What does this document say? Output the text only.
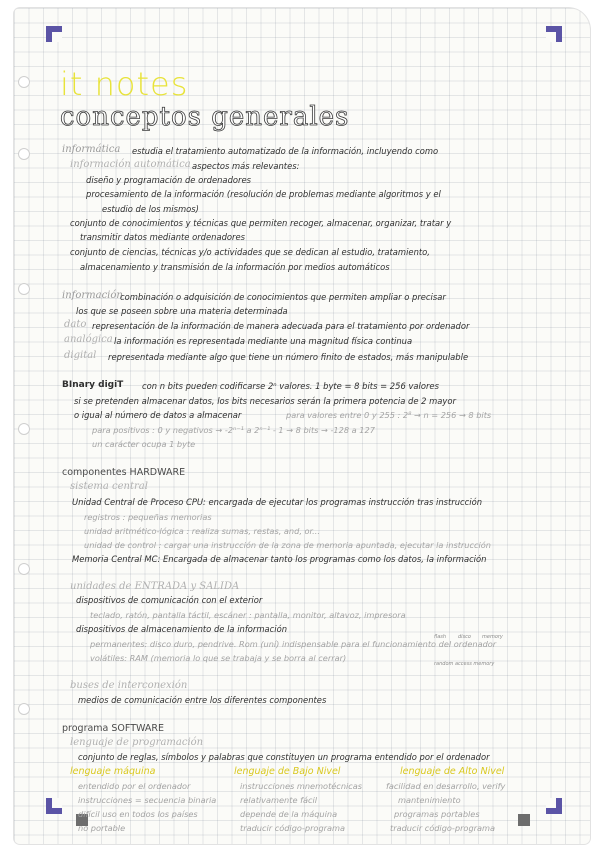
it notes
conceptos generales
informática estudia el tratamiento automatizado de la información, incluyendo como
información automática aspectos más relevantes:
diseño y programación de ordenadores
procesamiento de la información (resolución de problemas mediante algoritmos y el
estudio de los mismos)
conjunto de conocimientos y técnicas que permiten recoger, almacenar, organizar, tratar y
transmitir datos mediante ordenadores
conjunto de ciencias, técnicas y/o actividades que se dedican al estudio, tratamiento,
almacenamiento y transmisión de la información por medios automáticos
información
combinación o adquisición de conocimientos que permiten ampliar o precisar
los que se poseen sobre una materia determinada
dato representación de la información de manera adecuada para el tratamiento por ordenador
analógica la información es representada mediante una magnitud física continua
digital representada mediante algo que tiene un número finito de estados, más manipulable
BInary digiT con n bits pueden codificarse 2ⁿ valores. 1 byte = 8 bits = 256 valores
si se pretenden almacenar datos, los bits necesarios serán la primera potencia de 2 mayor
o igual al número de datos a almacenar	para valores entre 0 y 255 : 2⁸ → n = 256 → 8 bits
para positivos : 0 y negativos → -2ⁿ⁻¹ a 2ⁿ⁻¹ - 1 → 8 bits → -128 a 127
un carácter ocupa 1 byte
componentes HARDWARE
sistema central
Unidad Central de Proceso CPU: encargada de ejecutar los programas instrucción tras instrucción
registros : pequeñas memorias
unidad aritmético-lógica : realiza sumas, restas, and, or...
unidad de control : cargar una instrucción de la zona de memoria apuntada, ejecutar la instrucción
Memoria Central MC: Encargada de almacenar tanto los programas como los datos, la información
unidades de ENTRADA y SALIDA
dispositivos de comunicación con el exterior
teclado, ratón, pantalla táctil, escáner : pantalla, monitor, altavoz, impresora
dispositivos de almacenamiento de la información
permanentes: disco duro, pendrive. Rom (uní) indispensable para el funcionamiento del ordenador
volátiles: RAM (memoria lo que se trabaja y se borra al cerrar)
flash disco memory
random access memory
buses de interconexión
medios de comunicación entre los diferentes componentes
programa SOFTWARE
lenguaje de programación
conjunto de reglas, símbolos y palabras que constituyen un programa entendido por el ordenador
lenguaje máquina
entendido por el ordenador
instrucciones = secuencia binaria
difícil uso en todos los países
no portable
lenguaje de Bajo Nivel
instrucciones mnemotécnicas
relativamente fácil
depende de la máquina
traducir código-programa
lenguaje de Alto Nivel
facilidad en desarrollo, verify
mantenimiento
programas portables
traducir código-programa
